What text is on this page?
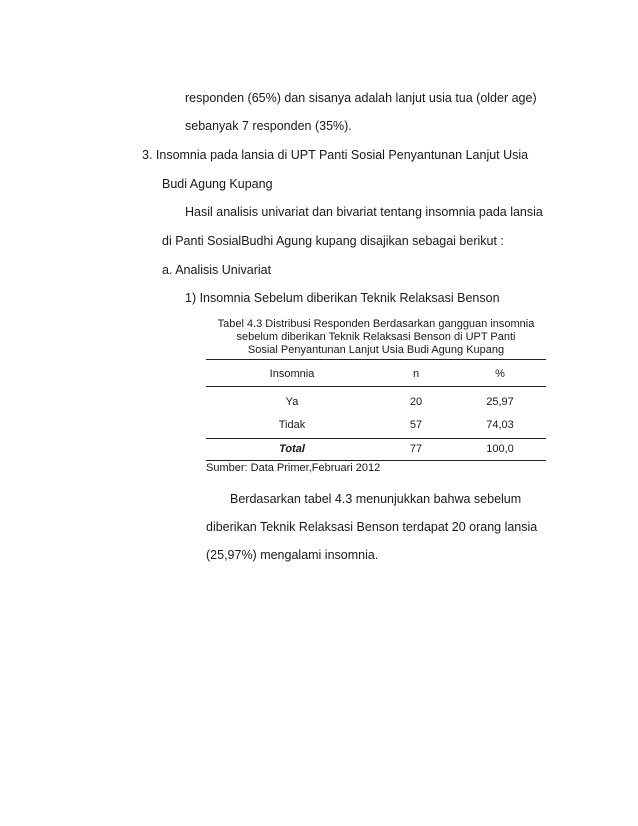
responden (65%) dan sisanya adalah lanjut usia tua (older age)
sebanyak 7 responden (35%).
3. Insomnia pada lansia di UPT Panti Sosial Penyantunan Lanjut Usia
Budi Agung Kupang
Hasil analisis univariat dan bivariat tentang insomnia pada lansia
di Panti SosialBudhi Agung kupang disajikan sebagai berikut :
a. Analisis Univariat
1) Insomnia Sebelum diberikan Teknik Relaksasi Benson
Tabel 4.3 Distribusi Responden Berdasarkan gangguan insomnia
sebelum diberikan Teknik Relaksasi Benson di UPT Panti
Sosial Penyantunan Lanjut Usia Budi Agung Kupang
Insomnia	n	%
Ya	20	25,97
Tidak	57	74,03
Total	77	100,0
Sumber: Data Primer,Februari 2012
Berdasarkan tabel 4.3 menunjukkan bahwa sebelum
diberikan Teknik Relaksasi Benson terdapat 20 orang lansia
(25,97%) mengalami insomnia.
